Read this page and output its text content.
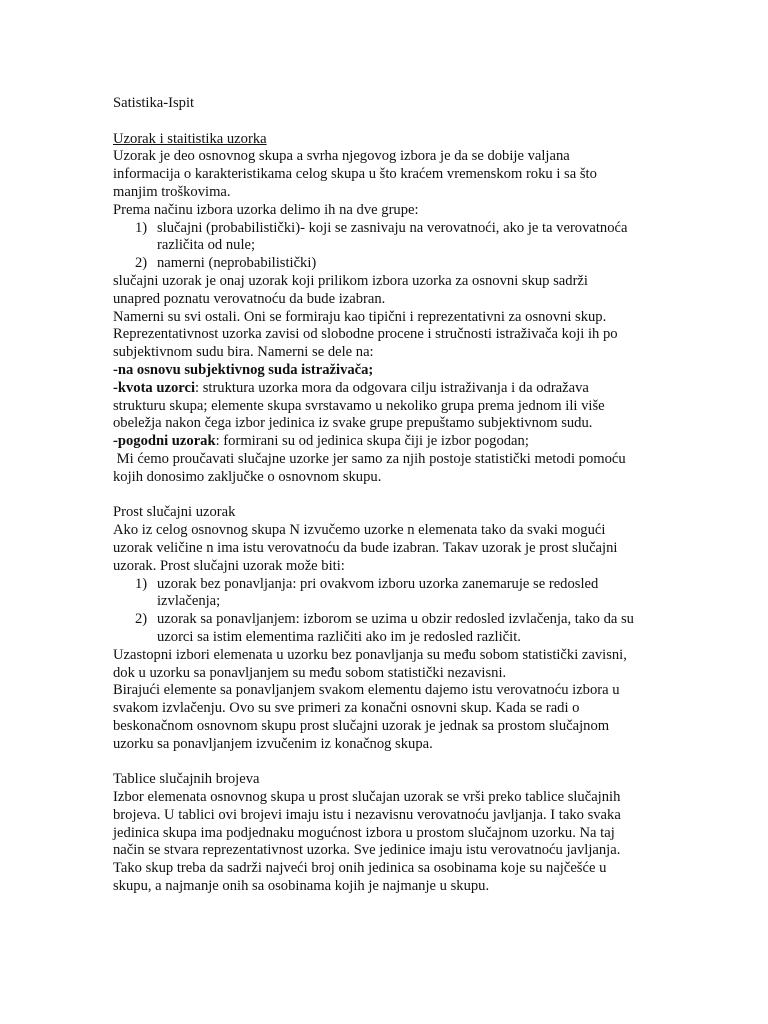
Satistika-Ispit
Uzorak i staitistika uzorka
Uzorak je deo osnovnog skupa a svrha njegovog izbora je da se dobije valjana
informacija o karakteristikama celog skupa u što kraćem vremenskom roku i sa što
manjim troškovima.
Prema načinu izbora uzorka delimo ih na dve grupe:
1) slučajni (probabilistički)- koji se zasnivaju na verovatnoći, ako je ta verovatnoća
različita od nule;
2) namerni (neprobabilistički)
slučajni uzorak je onaj uzorak koji prilikom izbora uzorka za osnovni skup sadrži
unapred poznatu verovatnoću da bude izabran.
Namerni su svi ostali. Oni se formiraju kao tipični i reprezentativni za osnovni skup.
Reprezentativnost uzorka zavisi od slobodne procene i stručnosti istraživača koji ih po
subjektivnom sudu bira. Namerni se dele na:
-na osnovu subjektivnog suda istraživača;
-kvota uzorci: struktura uzorka mora da odgovara cilju istraživanja i da odražava
strukturu skupa; elemente skupa svrstavamo u nekoliko grupa prema jednom ili više
obeležja nakon čega izbor jedinica iz svake grupe prepuštamo subjektivnom sudu.
-pogodni uzorak: formirani su od jedinica skupa čiji je izbor pogodan;
Mi ćemo proučavati slučajne uzorke jer samo za njih postoje statistički metodi pomoću
kojih donosimo zaključke o osnovnom skupu.
Prost slučajni uzorak
Ako iz celog osnovnog skupa N izvučemo uzorke n elemenata tako da svaki mogući
uzorak veličine n ima istu verovatnoću da bude izabran. Takav uzorak je prost slučajni
uzorak. Prost slučajni uzorak može biti:
1) uzorak bez ponavljanja: pri ovakvom izboru uzorka zanemaruje se redosled
izvlačenja;
2) uzorak sa ponavljanjem: izborom se uzima u obzir redosled izvlačenja, tako da su
uzorci sa istim elementima različiti ako im je redosled različit.
Uzastopni izbori elemenata u uzorku bez ponavljanja su među sobom statistički zavisni,
dok u uzorku sa ponavljanjem su među sobom statistički nezavisni.
Birajući elemente sa ponavljanjem svakom elementu dajemo istu verovatnoću izbora u
svakom izvlačenju. Ovo su sve primeri za konačni osnovni skup. Kada se radi o
beskonačnom osnovnom skupu prost slučajni uzorak je jednak sa prostom slučajnom
uzorku sa ponavljanjem izvučenim iz konačnog skupa.
Tablice slučajnih brojeva
Izbor elemenata osnovnog skupa u prost slučajan uzorak se vrši preko tablice slučajnih
brojeva. U tablici ovi brojevi imaju istu i nezavisnu verovatnoću javljanja. I tako svaka
jedinica skupa ima podjednaku mogućnost izbora u prostom slučajnom uzorku. Na taj
način se stvara reprezentativnost uzorka. Sve jedinice imaju istu verovatnoću javljanja.
Tako skup treba da sadrži najveći broj onih jedinica sa osobinama koje su najčešće u
skupu, a najmanje onih sa osobinama kojih je najmanje u skupu.
